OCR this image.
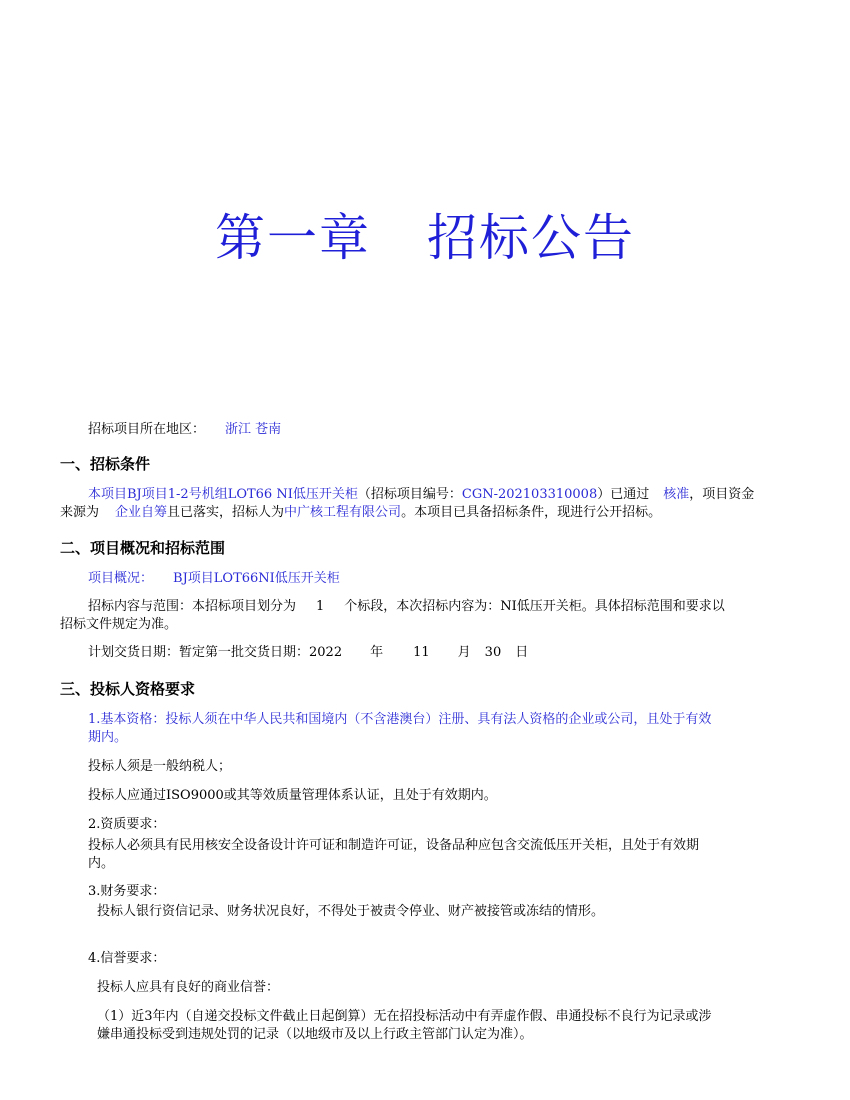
第一章 招标公告
招标项目所在地区： 浙江 苍南
一、招标条件
本项目BJ项目1-2号机组LOT66 NI低压开关柜（招标项目编号：CGN-202103310008）已通过 核准，项目资金
来源为 企业自筹且已落实，招标人为中广核工程有限公司。本项目已具备招标条件，现进行公开招标。
二、项目概况和招标范围
项目概况： BJ项目LOT66NI低压开关柜
招标内容与范围：本招标项目划分为 1 个标段，本次招标内容为：NI低压开关柜。具体招标范围和要求以
招标文件规定为准。
计划交货日期：暂定第一批交货日期：2022 年 11 月 30 日
三、投标人资格要求
1.基本资格：投标人须在中华人民共和国境内（不含港澳台）注册、具有法人资格的企业或公司，且处于有效
期内。
投标人须是一般纳税人；
投标人应通过ISO9000或其等效质量管理体系认证，且处于有效期内。
2.资质要求：
投标人必须具有民用核安全设备设计许可证和制造许可证，设备品种应包含交流低压开关柜，且处于有效期
内。
3.财务要求：
投标人银行资信记录、财务状况良好，不得处于被责令停业、财产被接管或冻结的情形。
4.信誉要求：
投标人应具有良好的商业信誉：
（1）近3年内（自递交投标文件截止日起倒算）无在招投标活动中有弄虚作假、串通投标不良行为记录或涉
嫌串通投标受到违规处罚的记录（以地级市及以上行政主管部门认定为准）。
